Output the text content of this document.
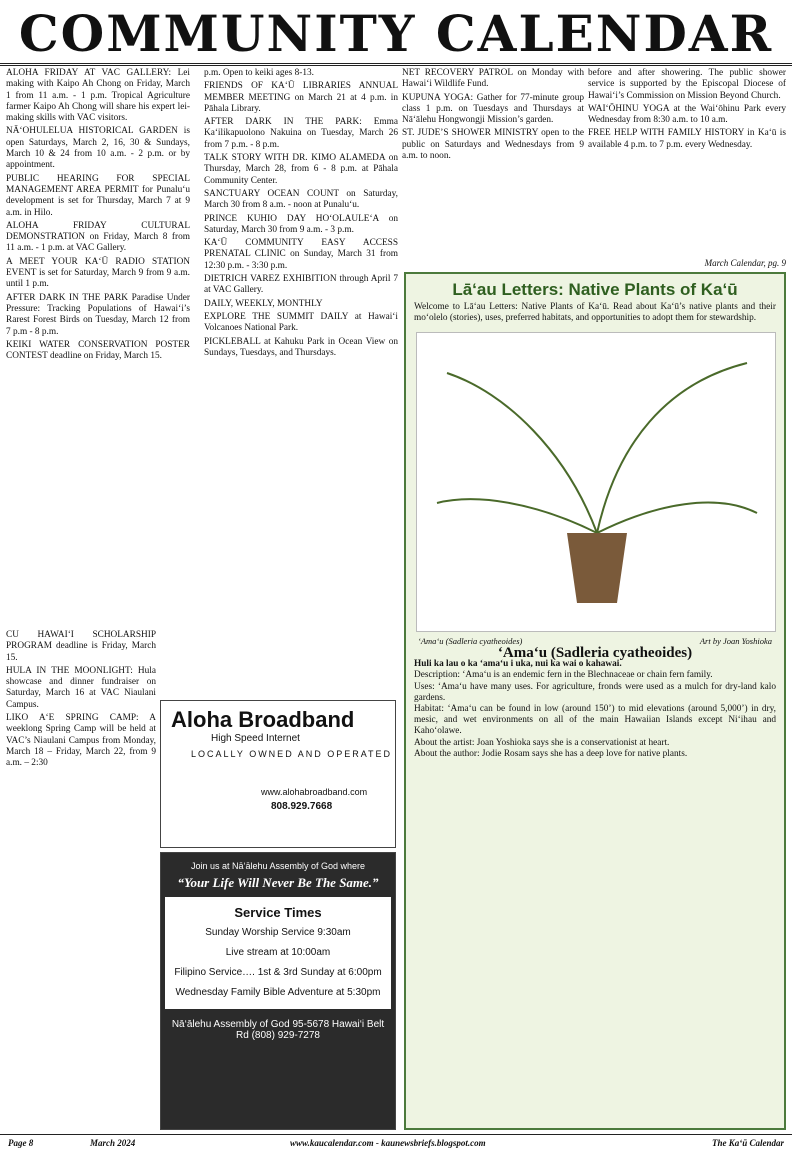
COMMUNITY CALENDAR

ALOHA FRIDAY AT VAC GALLERY: Lei making with Kaipo Ah Chong on Friday, March 1 from 11 a.m. - 1 p.m. Tropical Agriculture farmer Kaipo Ah Chong will share his expert lei-making skills with VAC visitors.

NĀ‘OHULELUA HISTORICAL GARDEN is open Saturdays, March 2, 16, 30 & Sundays, March 10 & 24 from 10 a.m. - 2 p.m. or by appointment.

PUBLIC HEARING FOR SPECIAL MANAGEMENT AREA PERMIT for Punalu‘u development is set for Thursday, March 7 at 9 a.m. in Hilo.

ALOHA FRIDAY CULTURAL DEMONSTRATION on Friday, March 8 from 11 a.m. - 1 p.m. at VAC Gallery.

A MEET YOUR KA‘Ū RADIO STATION EVENT is set for Saturday, March 9 from 9 a.m. until 1 p.m.

AFTER DARK IN THE PARK Paradise Under Pressure: Tracking Populations of Hawai‘i’s Rarest Forest Birds on Tuesday, March 12 from 7 p.m - 8 p.m.

KEIKI WATER CONSERVATION POSTER CONTEST deadline on Friday, March 15.

CU HAWAI‘I SCHOLARSHIP PROGRAM deadline is Friday, March 15.

HULA IN THE MOONLIGHT: Hula showcase and dinner fundraiser on Saturday, March 16 at VAC Niaulani Campus.

LIKO A‘E SPRING CAMP: A weeklong Spring Camp will be held at VAC’s Niaulani Campus from Monday, March 18 – Friday, March 22, from 9 a.m. – 2:30

p.m. Open to keiki ages 8-13.

FRIENDS OF KA‘Ū LIBRARIES ANNUAL MEMBER MEETING on March 21 at 4 p.m. in Pāhala Library.

AFTER DARK IN THE PARK: Emma Ka‘ilikapuolono Nakuina on Tuesday, March 26 from 7 p.m. - 8 p.m.

TALK STORY WITH DR. KIMO ALAMEDA on Thursday, March 28, from 6 - 8 p.m. at Pāhala Community Center.

SANCTUARY OCEAN COUNT on Saturday, March 30 from 8 a.m. - noon at Punalu‘u.

PRINCE KUHIO DAY HO‘OLAULE‘A on Saturday, March 30 from 9 a.m. - 3 p.m.

KA‘Ū COMMUNITY EASY ACCESS PRENATAL CLINIC on Sunday, March 31 from 12:30 p.m. - 3:30 p.m.

DIETRICH VAREZ EXHIBITION through April 7 at VAC Gallery.

DAILY, WEEKLY, MONTHLY

EXPLORE THE SUMMIT DAILY at Hawai‘i Volcanoes National Park.

PICKLEBALL at Kahuku Park in Ocean View on Sundays, Tuesdays, and Thursdays.

NET RECOVERY PATROL on Monday with Hawai‘i Wildlife Fund.

KUPUNA YOGA: Gather for 77-minute group class 1 p.m. on Tuesdays and Thursdays at Nā‘ālehu Hongwongji Mission’s garden.

ST. JUDE’S SHOWER MINISTRY open to the public on Saturdays and Wednesdays from 9 a.m. to noon.

before and after showering. The public shower service is supported by the Episcopal Diocese of Hawai‘i’s Commission on Mission Beyond Church.

WAI‘ŌHINU YOGA at the Wai‘ōhinu Park every Wednesday from 8:30 a.m. to 10 a.m.

FREE HELP WITH FAMILY HISTORY in Ka‘ū is available 4 p.m. to 7 p.m. every Wednesday.

March Calendar, pg. 9
Aloha Broadband
High Speed Internet
LOCALLY OWNED AND OPERATED
www.alohabroadband.com
808.929.7668
Join us at Nā‘ālehu Assembly of God where
“Your Life Will Never Be The Same.”
Service Times
Sunday Worship Service 9:30am
Live stream at 10:00am
Filipino Service…. 1st & 3rd Sunday at 6:00pm
Wednesday Family Bible Adventure at 5:30pm
Nā‘ālehu Assembly of God 95-5678 Hawai‘i Belt Rd (808) 929-7278
Lā‘au Letters: Native Plants of Ka‘ū
Welcome to Lā‘au Letters: Native Plants of Ka‘ū. Read about Ka‘ū’s native plants and their mo‘olelo (stories), uses, preferred habitats, and opportunities to adopt them for stewardship.
‘Ama‘u (Sadleria cyatheoides)	Art by Joan Yoshioka
‘Ama‘u (Sadleria cyatheoides)

Huli ka lau o ka ‘ama‘u i uka, nui ka wai o kahawai.

Description: ‘Ama‘u is an endemic fern in the Blechnaceae or chain fern family.

Uses: ‘Ama‘u have many uses. For agriculture, fronds were used as a mulch for dry-land kalo gardens.

Habitat: ‘Ama‘u can be found in low (around 150’) to mid elevations (around 5,000’) in dry, mesic, and wet environments on all of the main Hawaiian Islands except Ni‘ihau and Kaho‘olawe.

About the artist: Joan Yoshioka says she is a conservationist at heart.

About the author: Jodie Rosam says she has a deep love for native plants.

Page 8	March 2024	www.kaucalendar.com - kaunewsbriefs.blogspot.com	The Ka‘ū Calendar
